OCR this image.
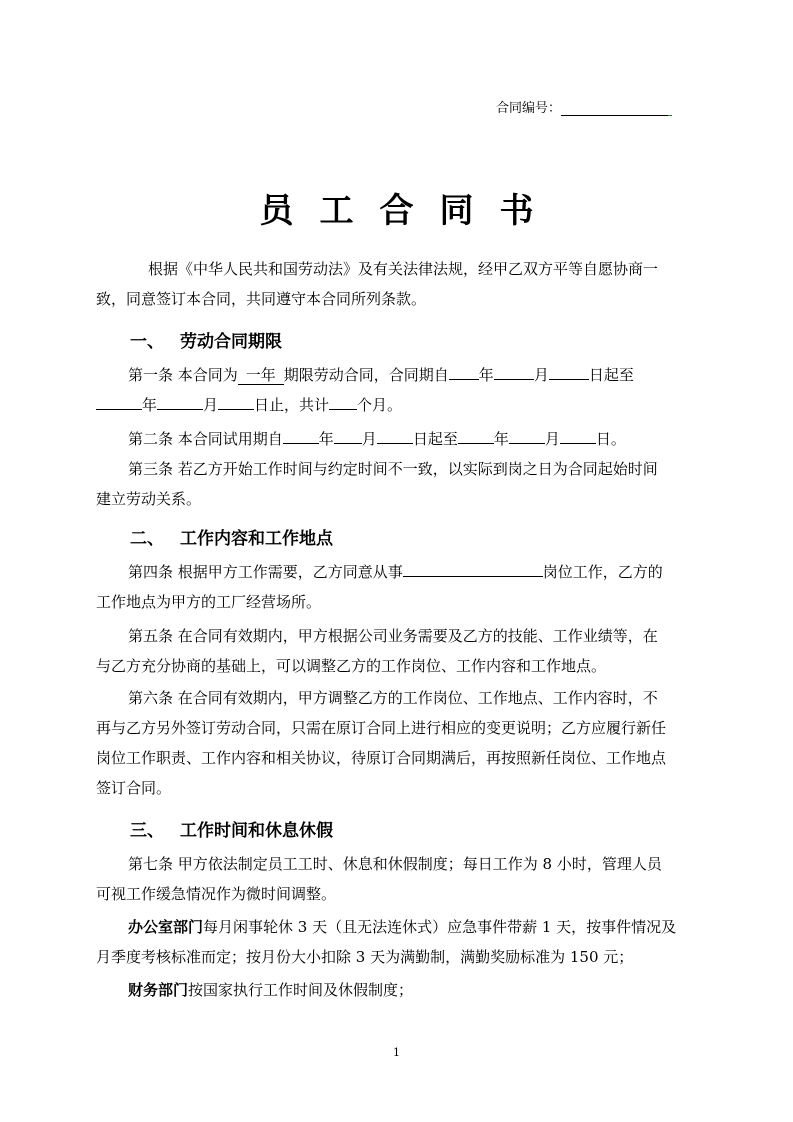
合同编号：
员工合同书
根据《中华人民共和国劳动法》及有关法律法规，经甲乙双方平等自愿协商一
致，同意签订本合同，共同遵守本合同所列条款。
一、 劳动合同期限
第一条 本合同为 一年 期限劳动合同，合同期自 年	月	日起至
年	月 日止，共计 个月。
第二条 本合同试用期自 年 月 日起至 年 月 日。
第三条 若乙方开始工作时间与约定时间不一致，以实际到岗之日为合同起始时间
建立劳动关系。
二、 工作内容和工作地点
第四条 根据甲方工作需要，乙方同意从事	岗位工作，乙方的
工作地点为甲方的工厂经营场所。
第五条 在合同有效期内，甲方根据公司业务需要及乙方的技能、工作业绩等，在
与乙方充分协商的基础上，可以调整乙方的工作岗位、工作内容和工作地点。
第六条 在合同有效期内，甲方调整乙方的工作岗位、工作地点、工作内容时，不
再与乙方另外签订劳动合同，只需在原订合同上进行相应的变更说明；乙方应履行新任
岗位工作职责、工作内容和相关协议，待原订合同期满后，再按照新任岗位、工作地点
签订合同。
三、 工作时间和休息休假
第七条 甲方依法制定员工工时、休息和休假制度；每日工作为 8 小时，管理人员
可视工作缓急情况作为微时间调整。
办公室部门每月闲事轮休 3 天（且无法连休式）应急事件带薪 1 天，按事件情况及
月季度考核标准而定；按月份大小扣除 3 天为满勤制，满勤奖励标准为 150 元；
财务部门按国家执行工作时间及休假制度；
1
